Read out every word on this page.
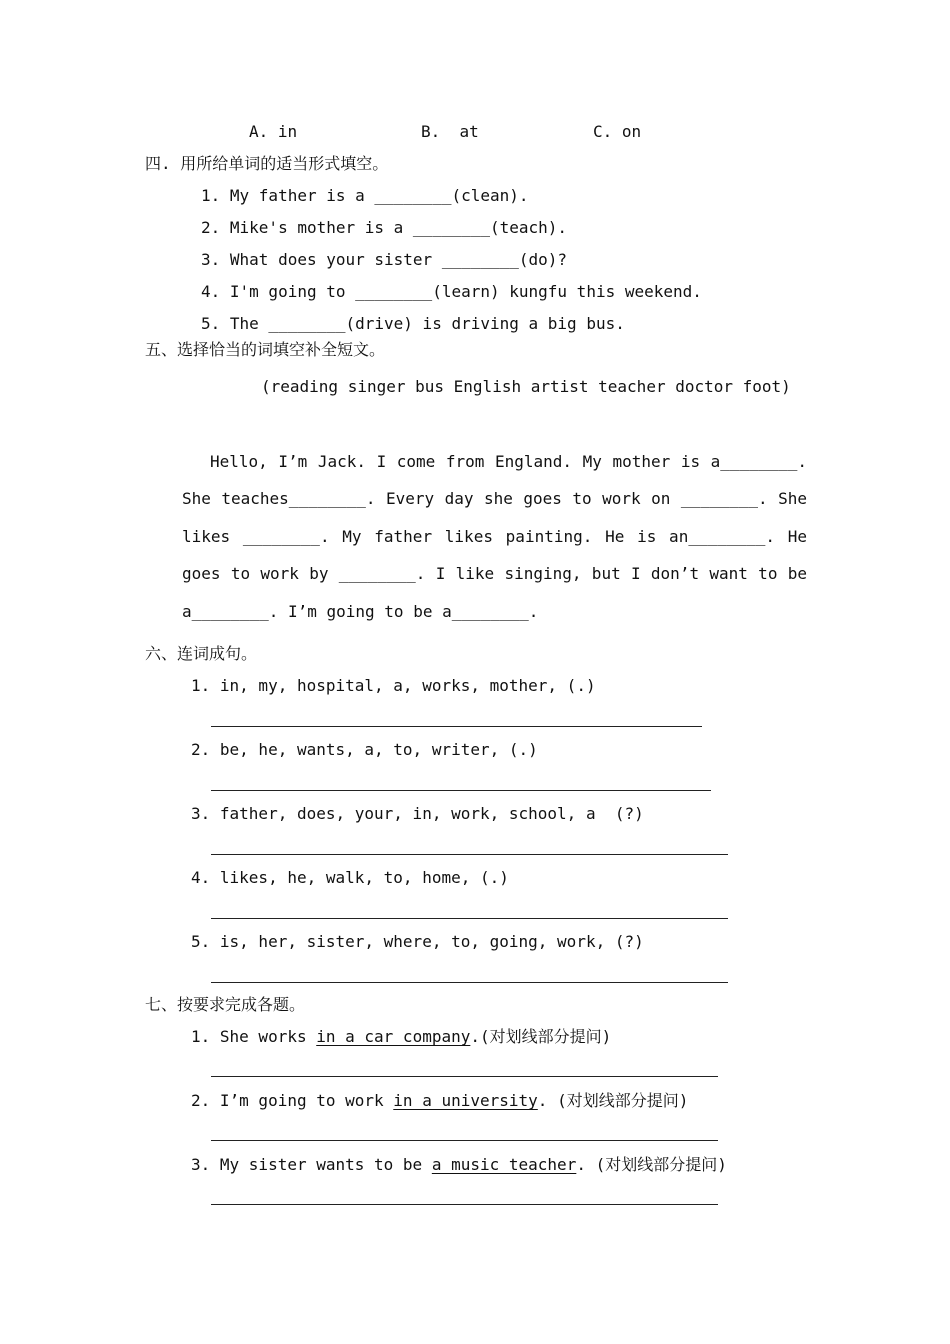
A. in	B.  at	C. on
四. 用所给单词的适当形式填空。
1. My father is a ________(clean).
2. Mike's mother is a ________(teach).
3. What does your sister ________(do)?
4. I'm going to ________(learn) kungfu this weekend.
5. The ________(drive) is driving a big bus.
五、选择恰当的词填空补全短文。
(reading singer bus English artist teacher doctor foot)
Hello, I’m Jack. I come from England. My mother is a________. She teaches________. Every day she goes to work on ________. She likes ________. My father likes painting. He is an________. He goes to work by ________. I like singing, but I don’t want to be a________. I’m going to be a________.
六、连词成句。
1. in, my, hospital, a, works, mother, (.)
2. be, he, wants, a, to, writer, (.)
3. father, does, your, in, work, school, a  (?)
4. likes, he, walk, to, home, (.)
5. is, her, sister, where, to, going, work, (?)
七、按要求完成各题。
1. She works in a car company.(对划线部分提问)
2. I’m going to work in a university. (对划线部分提问)
3. My sister wants to be a music teacher. (对划线部分提问)
